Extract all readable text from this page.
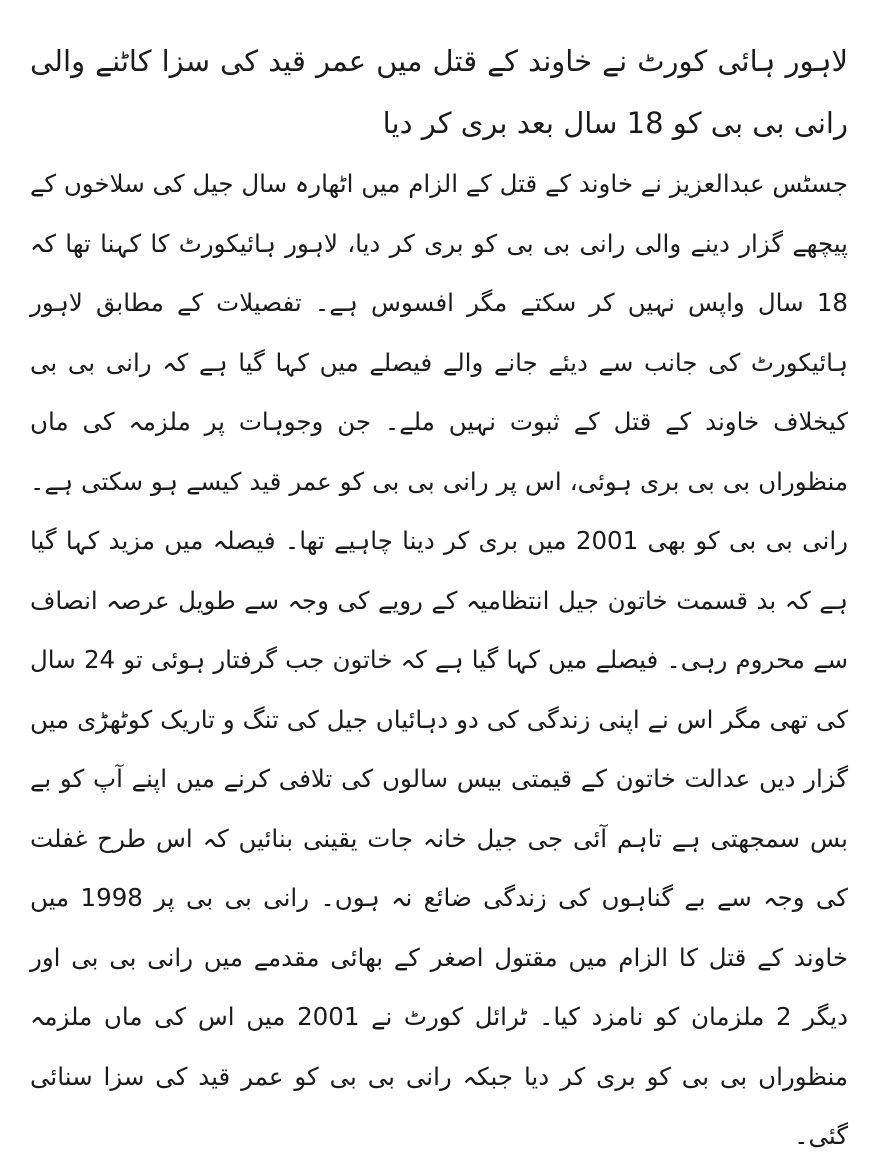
لاہور ہائی کورٹ نے خاوند کے قتل میں عمر قید کی سزا کاٹنے والی رانی بی بی کو 18 سال بعد بری کر دیا

جسٹس عبدالعزیز نے خاوند کے قتل کے الزام میں اٹھارہ سال جیل کی سلاخوں کے پیچھے گزار دینے والی رانی بی بی کو بری کر دیا، لاہور ہائیکورٹ کا کہنا تھا کہ 18 سال واپس نہیں کر سکتے مگر افسوس ہے۔ تفصیلات کے مطابق لاہور ہائیکورٹ کی جانب سے دیئے جانے والے فیصلے میں کہا گیا ہے کہ رانی بی بی کیخلاف خاوند کے قتل کے ثبوت نہیں ملے۔ جن وجوہات پر ملزمہ کی ماں منظوراں بی بی بری ہوئی، اس پر رانی بی بی کو عمر قید کیسے ہو سکتی ہے۔ رانی بی بی کو بھی 2001 میں بری کر دینا چاہیے تھا۔ فیصلہ میں مزید کہا گیا ہے کہ بد قسمت خاتون جیل انتظامیہ کے رویے کی وجہ سے طویل عرصہ انصاف سے محروم رہی۔ فیصلے میں کہا گیا ہے کہ خاتون جب گرفتار ہوئی تو 24 سال کی تھی مگر اس نے اپنی زندگی کی دو دہائیاں جیل کی تنگ و تاریک کوٹھڑی میں گزار دیں عدالت خاتون کے قیمتی بیس سالوں کی تلافی کرنے میں اپنے آپ کو بے بس سمجھتی ہے تاہم آئی جی جیل خانہ جات یقینی بنائیں کہ اس طرح غفلت کی وجہ سے بے گناہوں کی زندگی ضائع نہ ہوں۔ رانی بی بی پر 1998 میں خاوند کے قتل کا الزام میں مقتول اصغر کے بھائی مقدمے میں رانی بی بی اور دیگر 2 ملزمان کو نامزد کیا۔ ٹرائل کورٹ نے 2001 میں اس کی ماں ملزمہ منظوراں بی بی کو بری کر دیا جبکہ رانی بی بی کو عمر قید کی سزا سنائی گئی۔
